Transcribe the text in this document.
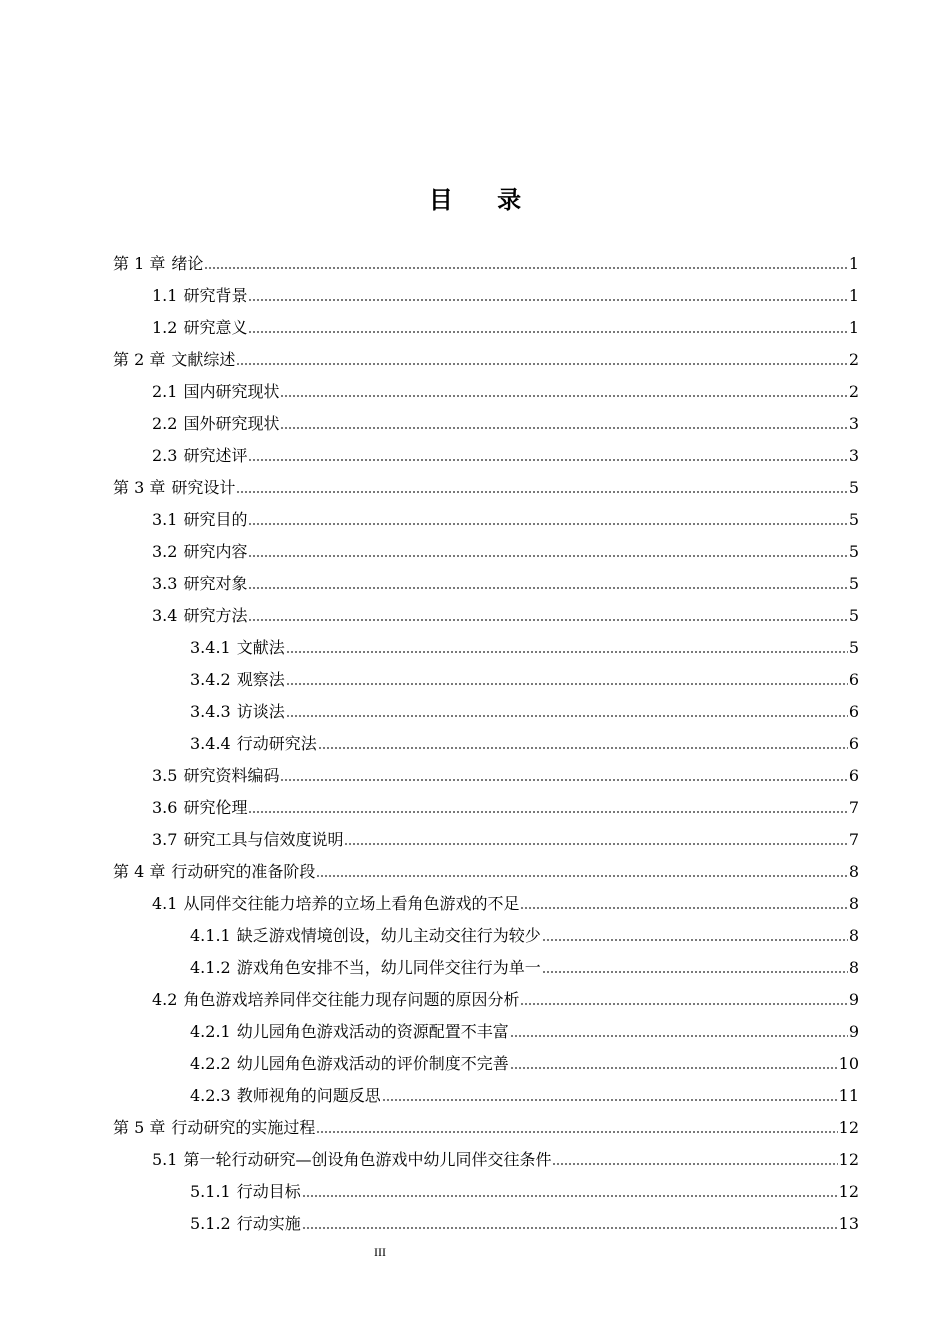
目 录
第 1 章 绪论	1
1.1 研究背景	1
1.2 研究意义	1
第 2 章 文献综述	2
2.1 国内研究现状	2
2.2 国外研究现状	3
2.3 研究述评	3
第 3 章 研究设计	5
3.1 研究目的	5
3.2 研究内容	5
3.3 研究对象	5
3.4 研究方法	5
3.4.1 文献法	5
3.4.2 观察法	6
3.4.3 访谈法	6
3.4.4 行动研究法	6
3.5 研究资料编码	6
3.6 研究伦理	7
3.7 研究工具与信效度说明	7
第 4 章 行动研究的准备阶段	8
4.1 从同伴交往能力培养的立场上看角色游戏的不足	8
4.1.1 缺乏游戏情境创设，幼儿主动交往行为较少	8
4.1.2 游戏角色安排不当，幼儿同伴交往行为单一	8
4.2 角色游戏培养同伴交往能力现存问题的原因分析	9
4.2.1 幼儿园角色游戏活动的资源配置不丰富	9
4.2.2 幼儿园角色游戏活动的评价制度不完善	10
4.2.3 教师视角的问题反思	11
第 5 章 行动研究的实施过程	12
5.1 第一轮行动研究—创设角色游戏中幼儿同伴交往条件	12
5.1.1 行动目标	12
5.1.2 行动实施	13
III
